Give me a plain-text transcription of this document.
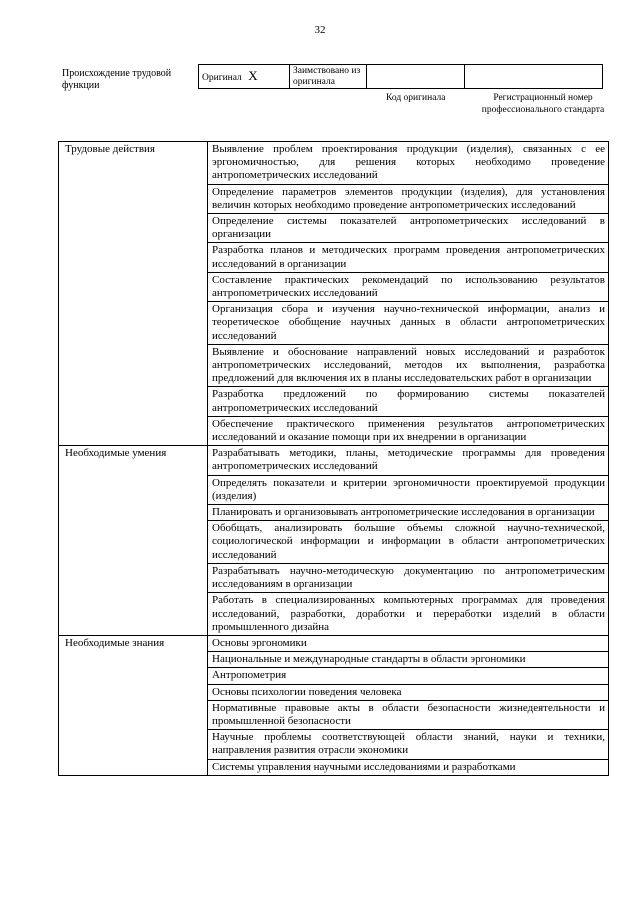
32
Происхождение трудовой функции
Оригинал X	Заимствовано из оригинала		
Код оригинала	Регистрационный номер профессионального стандарта
Трудовые действия	Выявление проблем проектирования продукции (изделия), связанных с ее эргономичностью, для решения которых необходимо проведение антропометрических исследований
	Определение параметров элементов продукции (изделия), для установления величин которых необходимо проведение антропометрических исследований
	Определение системы показателей антропометрических исследований в организации
	Разработка планов и методических программ проведения антропометрических исследований в организации
	Составление практических рекомендаций по использованию результатов антропометрических исследований
	Организация сбора и изучения научно-технической информации, анализ и теоретическое обобщение научных данных в области антропометрических исследований
	Выявление и обоснование направлений новых исследований и разработок антропометрических исследований, методов их выполнения, разработка предложений для включения их в планы исследовательских работ в организации
	Разработка предложений по формированию системы показателей антропометрических исследований
	Обеспечение практического применения результатов антропометрических исследований и оказание помощи при их внедрении в организации
Необходимые умения	Разрабатывать методики, планы, методические программы для проведения антропометрических исследований
	Определять показатели и критерии эргономичности проектируемой продукции (изделия)
	Планировать и организовывать антропометрические исследования в организации
	Обобщать, анализировать большие объемы сложной научно-технической, социологической информации и информации в области антропометрических исследований
	Разрабатывать научно-методическую документацию по антропометрическим исследованиям в организации
	Работать в специализированных компьютерных программах для проведения исследований, разработки, доработки и переработки изделий в области промышленного дизайна
Необходимые знания	Основы эргономики
	Национальные и международные стандарты в области эргономики
	Антропометрия
	Основы психологии поведения человека
	Нормативные правовые акты в области безопасности жизнедеятельности и промышленной безопасности
	Научные проблемы соответствующей области знаний, науки и техники, направления развития отрасли экономики
	Системы управления научными исследованиями и разработками
